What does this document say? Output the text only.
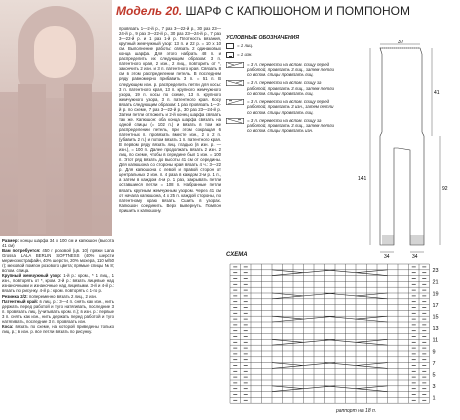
Модель 20. ШАРФ С КАПЮШОНОМ И ПОМПОНОМ

Размер: концы шарфа 34 х 100 см и капюшон (высота 41 см)

Вам потребуется: 450 г розовой (цв. 10) пряжи Lana Grossa LALA BERLIN SOFTNESS (40% шерсти мериноэкстрафайн, 40% шерсти, 20% мохера, 110 м/50 г); меховой помпон розового цвета; прямые спицы № 8; вспом. спица.

Крупный жемчужный узор: 1-й р.: кром., * 1 лиц., 1 изн., повторять от *, кром. 2-й р.: вязать лицевые над изнаночными и изнаночные над лицевыми. 3-й и 4-й р.: вязать по рисунку. 4-й р.: кром. повторять с 1-го р.

Резинка 2/2: попеременно вязать 2 лиц., 2 изн.

Патентный край: в лиц. р.: 3—4 п. снять как изн., нить держать перед работой и туго натягивать, последние 3 п. провязать лиц. (учитывать кром. п.); в изн. р.: первые 3 п. снять как изн., нить держать перед работой и туго натягивать, последние 3 п. провязать изн.

Коса: вязать по схеме, на которой приведены только лиц. р.; в изн. р. все петли вязать по рисунку.

провязать 1—2-й р., 7 раз 3—22-й р., 30 раз 23—24-й р., 9 раз 3—22-й р., 30 раз 23—24-й р., 7 раз 3—22-й р. и 1 раз 1-й р. Плотность вязания, крупный жемчужный узор: 13 п. и 22 р. = 10 х 10 см. Выполнение работы: связать 2 одинаковых конца шарфа. Для этого набрать 48 п. и распределить их следующим образом: 3 п. патентного края, 2 изн., 2 лиц., повторить от *, закончить 2 изн. и 3 п. патентного края. Связать 8 см в этом распределении петель. В последнем ряду равномерно прибавить 3 п. = 51 п. В следующем изн. р. распределить петли для косы: 3 п. патентного края, 13 п. крупного жемчужного узора, 19 п. косы по схеме, 13 п. крупного жемчужного узора, 3 п. патентного края. Косу вязать следующим образом: 1 раз провязать 1—2-й р. по схеме, 7 раз 3—22-й р., 30 раз 23—24-й р. Затем петли отложить и 2-й конец шарфа связать так же. Капюшон: оба конца шарфа связать на одной спицы (= 102 п.) и вязать в том же распределении петель, при этом сокращая 6 патентных п. провязать вместе изн., 2 х 2 п. (убавить 2 п.) и потом вязать 1 п. патентного края. В первом ряду вязать лиц. гладью (в изн. р. — изн.), = 100 п. Далее продолжать вязать 2 изн. 2 лиц. по схеме, чтобы в середине был 1 изн. = 100 п. Этот ряд вязать до высоты 41 см от середины. Для капюшона со стороны края вязать 4 ч.: 3—22 р. Для капюшона с левой и правой сторон от центральных 2 изн. п. 4 раза в каждом 2-м р. 1 п., а затем в каждом 4-м р. 1 раз, закрывать петли оставшиеся петли = 108 п. Набранные петли вязать крупным жемчужным узором. Через 41 см от начала капюшона, 4 х 25 п. каждой стороны, по патентному краю вязать. Сшить в узорах. Капюшон соединить. Верх вывернуть. Помпон пришить к капюшону.
УСЛОВНЫЕ ОБОЗНАЧЕНИЯ
= 1 лиц.
= 1 изн.
= 3 п. перевести на вспом. спицу перед работой, провязать 3 лиц., затем петли со вспом. спицы провязать лиц.
= 3 п. перевести на вспом. спицу за работой, провязать 3 лиц., затем петли со вспом. спицы провязать лиц.
= 3 п. перевести на вспом. спицу перед работой, провязать 3 изн., затем петли со вспом. спицы провязать лиц.
= 3 п. перевести на вспом. спицу за работой, провязать 3 лиц., затем петли со вспом. спицы провязать изн.
37
41
92
141
34	34
СХЕМА
23
21
19
17
15
13
11
9
7
5
3
1
раппорт на 18 п.
